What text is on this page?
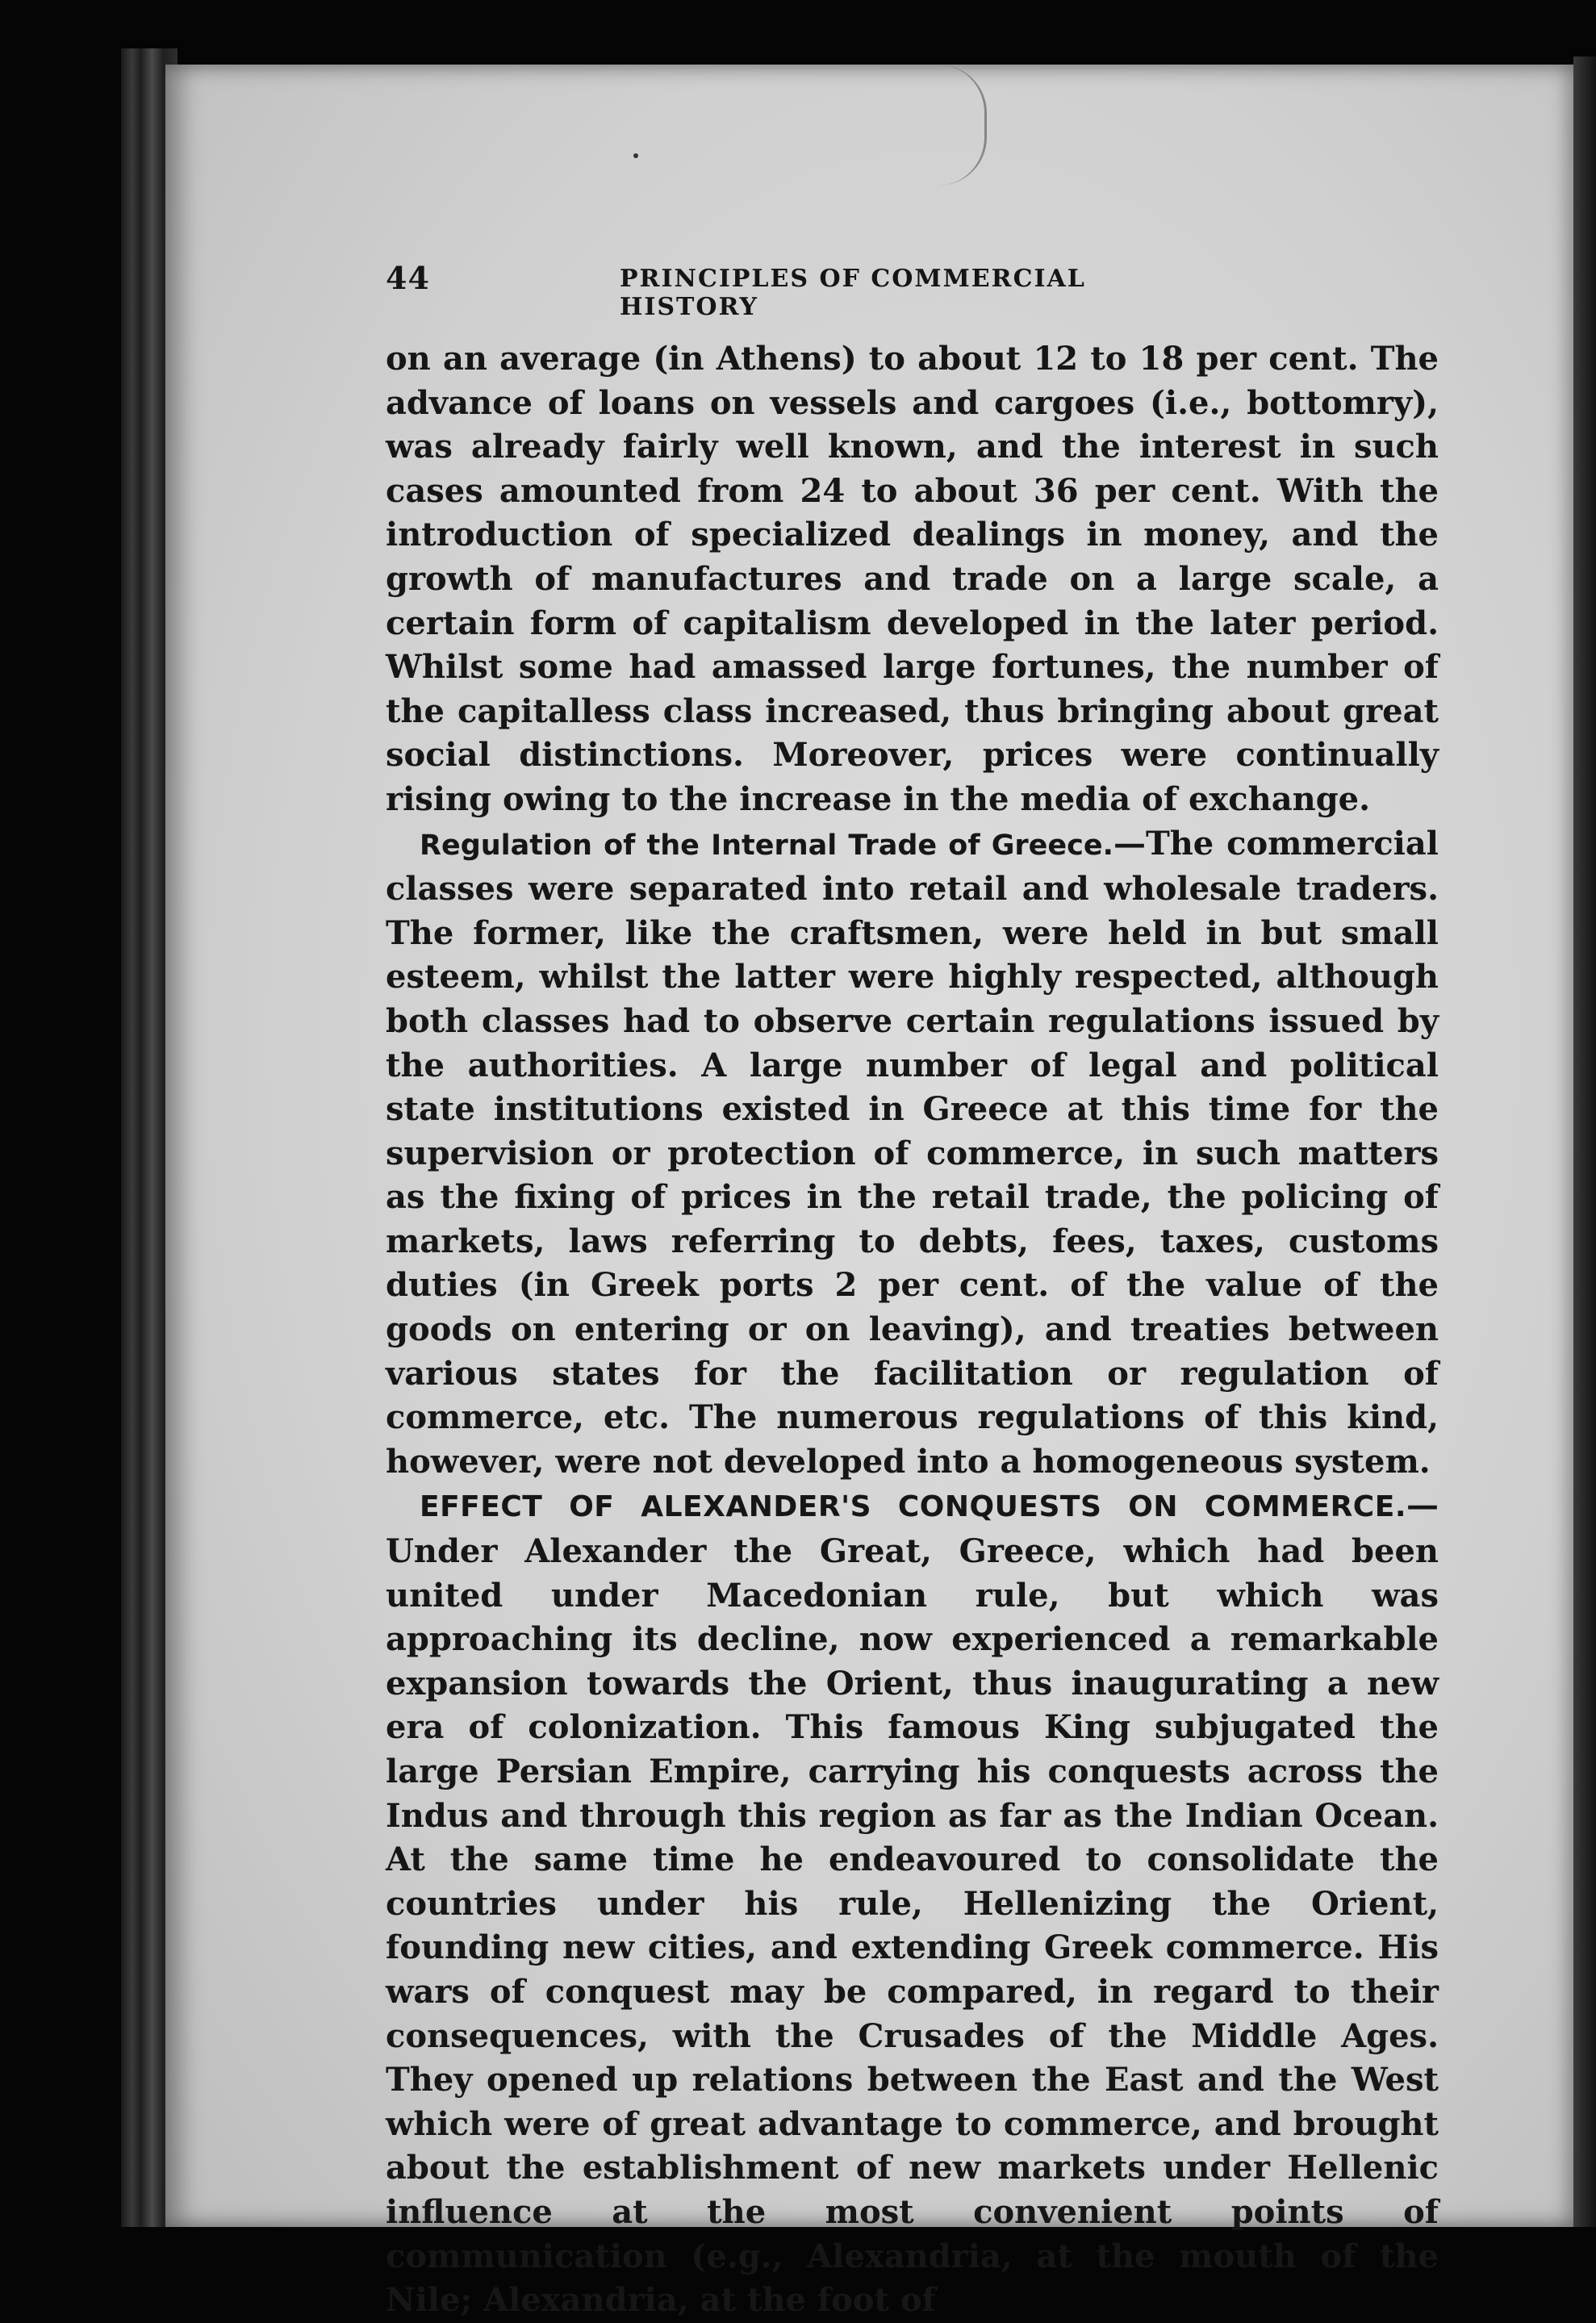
44	PRINCIPLES OF COMMERCIAL HISTORY

on an average (in Athens) to about 12 to 18 per cent. The advance of loans on vessels and cargoes (i.e., bottomry), was already fairly well known, and the interest in such cases amounted from 24 to about 36 per cent. With the introduction of specialized dealings in money, and the growth of manufactures and trade on a large scale, a certain form of capitalism developed in the later period. Whilst some had amassed large fortunes, the number of the capitalless class increased, thus bringing about great social distinctions. Moreover, prices were continually rising owing to the increase in the media of exchange.

Regulation of the Internal Trade of Greece.—The commercial classes were separated into retail and wholesale traders. The former, like the craftsmen, were held in but small esteem, whilst the latter were highly respected, although both classes had to observe certain regulations issued by the authorities. A large number of legal and political state institutions existed in Greece at this time for the supervision or protection of commerce, in such matters as the fixing of prices in the retail trade, the policing of markets, laws referring to debts, fees, taxes, customs duties (in Greek ports 2 per cent. of the value of the goods on entering or on leaving), and treaties between various states for the facilitation or regulation of commerce, etc. The numerous regulations of this kind, however, were not developed into a homogeneous system.

EFFECT OF ALEXANDER'S CONQUESTS ON COMMERCE.— Under Alexander the Great, Greece, which had been united under Macedonian rule, but which was approaching its decline, now experienced a remarkable expansion towards the Orient, thus inaugurating a new era of colonization. This famous King subjugated the large Persian Empire, carrying his conquests across the Indus and through this region as far as the Indian Ocean. At the same time he endeavoured to consolidate the countries under his rule, Hellenizing the Orient, founding new cities, and extending Greek commerce. His wars of conquest may be compared, in regard to their consequences, with the Crusades of the Middle Ages. They opened up relations between the East and the West which were of great advantage to commerce, and brought about the establishment of new markets under Hellenic influence at the most convenient points of communication (e.g., Alexandria, at the mouth of the Nile; Alexandria, at the foot of
